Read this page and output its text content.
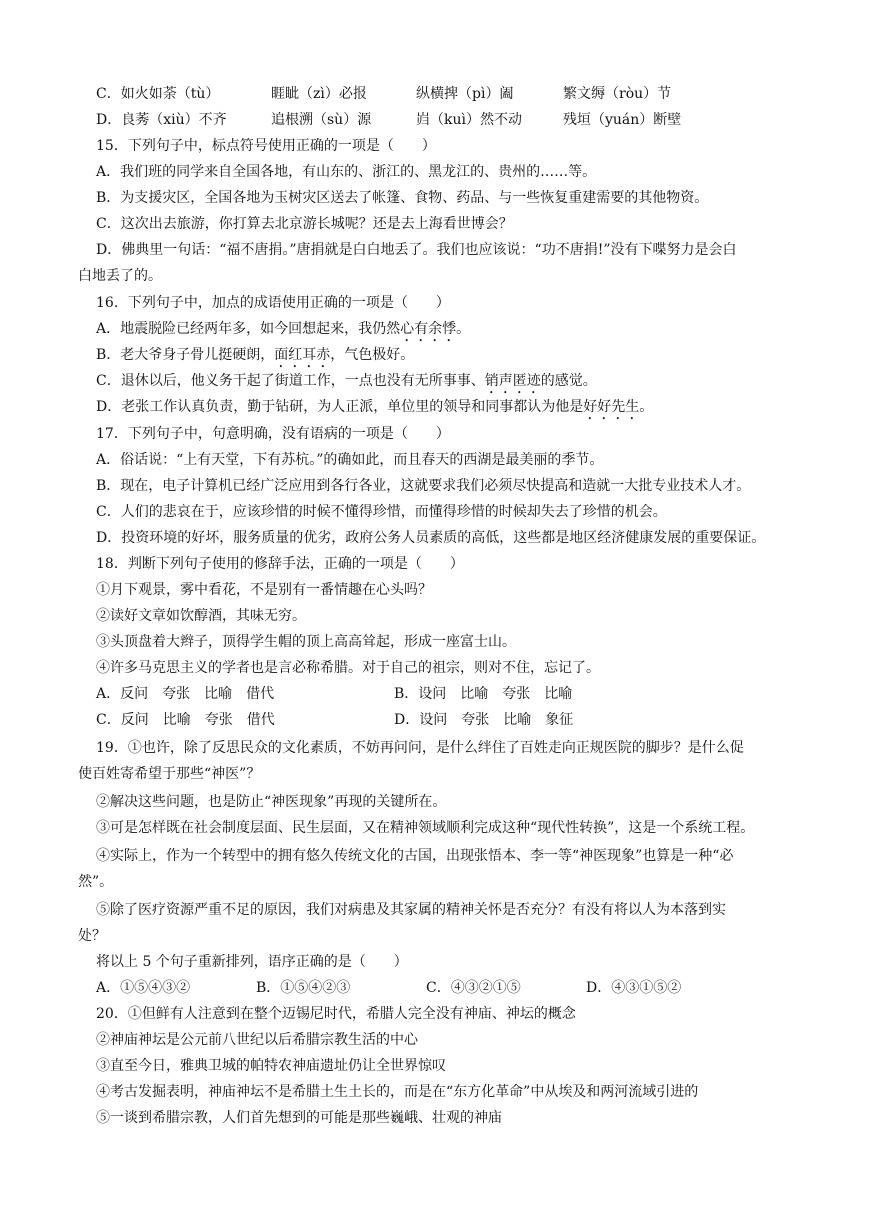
C．如火如荼（tù）	睚眦（zì）必报	纵横捭（pì）阖	繁文缛（ròu）节
D．良莠（xiù）不齐	追根溯（sù）源	岿（kuì）然不动	残垣（yuán）断壁
15．下列句子中，标点符号使用正确的一项是（　　）
A．我们班的同学来自全国各地，有山东的、浙江的、黑龙江的、贵州的……等。
B．为支援灾区，全国各地为玉树灾区送去了帐篷、食物、药品、与一些恢复重建需要的其他物资。
C．这次出去旅游，你打算去北京游长城呢？还是去上海看世博会？
D．佛典里一句话：“福不唐捐。”唐捐就是白白地丢了。我们也应该说：“功不唐捐!”没有下喋努力是会白
白地丢了的。
16．下列句子中，加点的成语使用正确的一项是（　　）
A．地震脱险已经两年多，如今回想起来，我仍然心有余悸。
B．老大爷身子骨儿挺硬朗，面红耳赤，气色极好。
C．退休以后，他义务干起了街道工作，一点也没有无所事事、销声匿迹的感觉。
D．老张工作认真负责，勤于钻研，为人正派，单位里的领导和同事都认为他是好好先生。
17．下列句子中，句意明确，没有语病的一项是（　　）
A．俗话说：“上有天堂，下有苏杭。”的确如此，而且春天的西湖是最美丽的季节。
B．现在，电子计算机已经广泛应用到各行各业，这就要求我们必须尽快提高和造就一大批专业技术人才。
C．人们的悲哀在于，应该珍惜的时候不懂得珍惜，而懂得珍惜的时候却失去了珍惜的机会。
D．投资环境的好坏，服务质量的优劣，政府公务人员素质的高低，这些都是地区经济健康发展的重要保证。
18．判断下列句子使用的修辞手法，正确的一项是（　　）
①月下观景，雾中看花，不是别有一番情趣在心头吗？
②读好文章如饮醇酒，其味无穷。
③头顶盘着大辫子，顶得学生帽的顶上高高耸起，形成一座富士山。
④许多马克思主义的学者也是言必称希腊。对于自己的祖宗，则对不住，忘记了。
A．反问　夸张　比喻　借代	B．设问　比喻　夸张　比喻
C．反问　比喻　夸张　借代	D．设问　夸张　比喻　象征
19．①也许，除了反思民众的文化素质，不妨再问问，是什么绊住了百姓走向正规医院的脚步？是什么促
使百姓寄希望于那些“神医”？
②解决这些问题，也是防止“神医现象”再现的关键所在。
③可是怎样既在社会制度层面、民生层面，又在精神领域顺利完成这种“现代性转换”，这是一个系统工程。
④实际上，作为一个转型中的拥有悠久传统文化的古国，出现张悟本、李一等“神医现象”也算是一种“必
然”。
⑤除了医疗资源严重不足的原因，我们对病患及其家属的精神关怀是否充分？有没有将以人为本落到实
处？
将以上 5 个句子重新排列，语序正确的是（　　）
A．①⑤④③②	B．①⑤④②③	C．④③②①⑤	D．④③①⑤②
20．①但鲜有人注意到在整个迈锡尼时代，希腊人完全没有神庙、神坛的概念
②神庙神坛是公元前八世纪以后希腊宗教生活的中心
③直至今日，雅典卫城的帕特农神庙遗址仍让全世界惊叹
④考古发掘表明，神庙神坛不是希腊土生土长的，而是在“东方化革命”中从埃及和两河流域引进的
⑤一谈到希腊宗教，人们首先想到的可能是那些巍峨、壮观的神庙
